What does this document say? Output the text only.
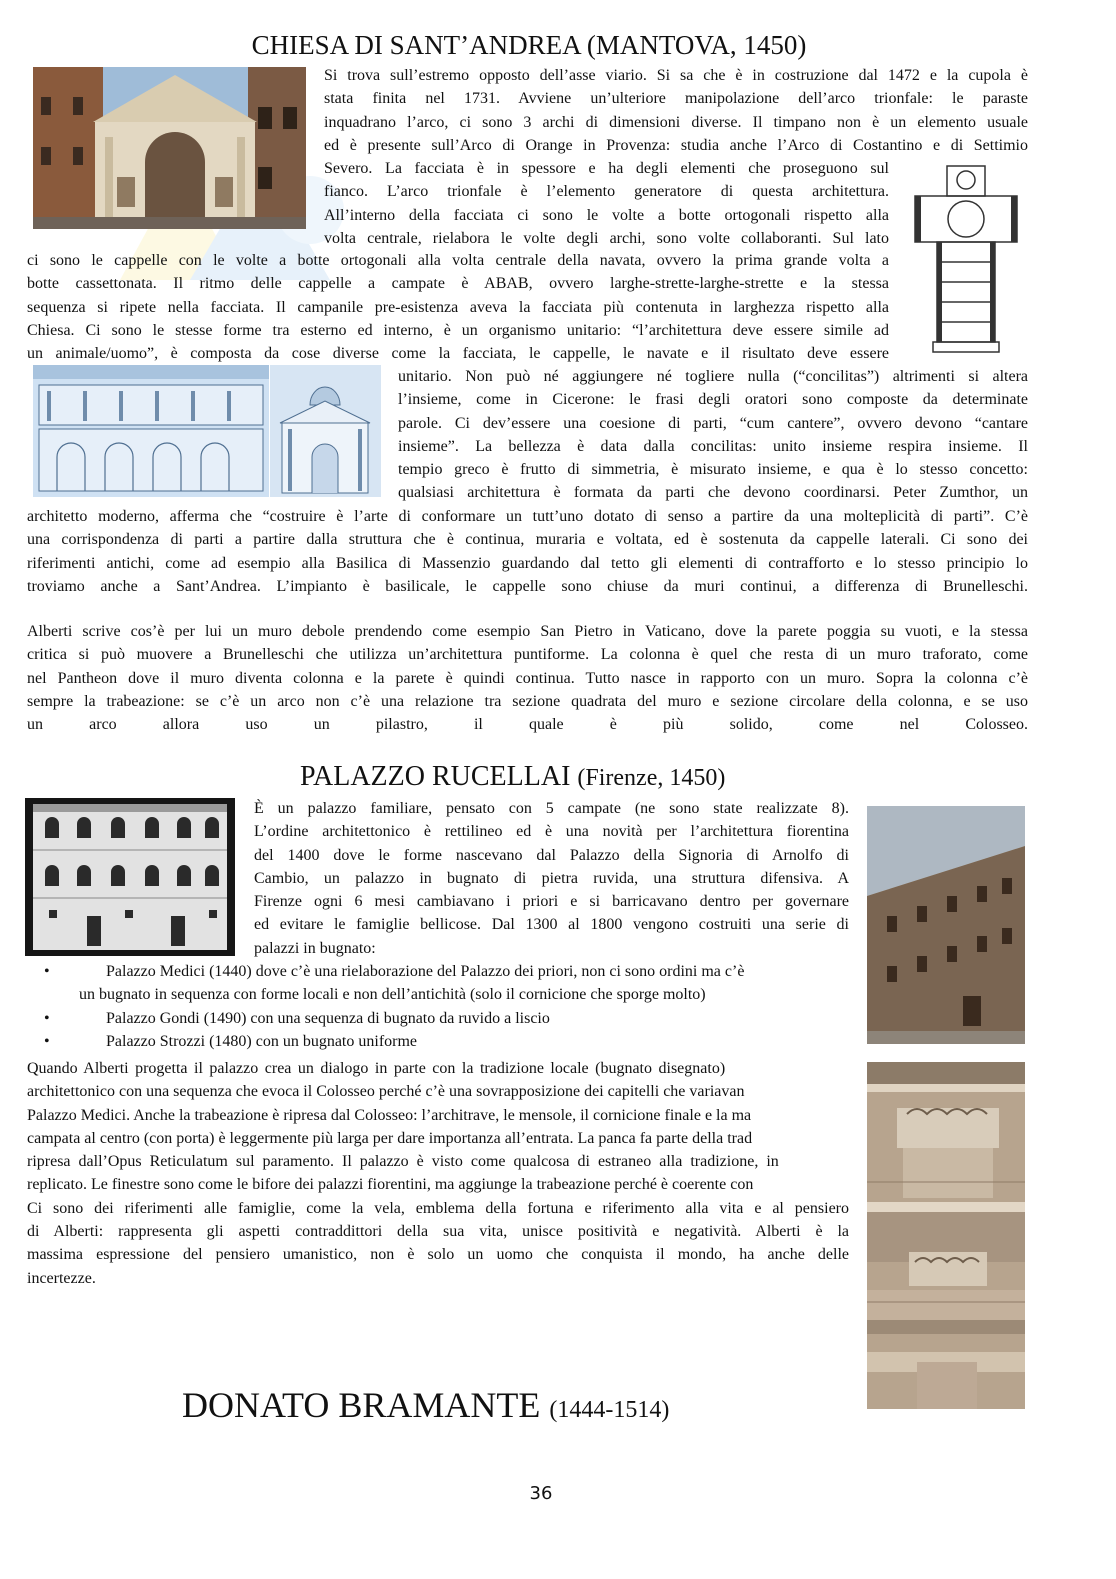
CHIESA DI SANT’ANDREA (MANTOVA, 1450)

Si trova sull’estremo opposto dell’asse viario. Si sa che è in costruzione dal 1472 e la cupola è

stata finita nel 1731. Avviene un’ulteriore manipolazione dell’arco trionfale: le paraste

inquadrano l’arco, ci sono 3 archi di dimensioni diverse. Il timpano non è un elemento usuale

ed è presente sull’Arco di Orange in Provenza: studia anche l’Arco di Costantino e di Settimio

Severo. La facciata è in spessore e ha degli elementi che proseguono sul

fianco. L’arco trionfale è l’elemento generatore di questa architettura.

All’interno della facciata ci sono le volte a botte ortogonali rispetto alla

volta centrale, rielabora le volte degli archi, sono volte collaboranti. Sul lato

ci sono le cappelle con le volte a botte ortogonali alla volta centrale della navata, ovvero la prima grande volta a

botte cassettonata. Il ritmo delle cappelle a campate è ABAB, ovvero larghe-strette-larghe-strette e la stessa

sequenza si ripete nella facciata. Il campanile pre-esistenza aveva la facciata più contenuta in larghezza rispetto alla

Chiesa. Ci sono le stesse forme tra esterno ed interno, è un organismo unitario: “l’architettura deve essere simile ad

un animale/uomo”, è composta da cose diverse come la facciata, le cappelle, le navate e il risultato deve essere

unitario. Non può né aggiungere né togliere nulla (“concilitas”) altrimenti si altera

l’insieme, come in Cicerone: le frasi degli oratori sono composte da determinate

parole. Ci dev’essere una coesione di parti, “cum cantere”, ovvero devono “cantare

insieme”. La bellezza è data dalla concilitas: unito insieme respira insieme. Il

tempio greco è frutto di simmetria, è misurato insieme, e qua è lo stesso concetto:

qualsiasi architettura è formata da parti che devono coordinarsi. Peter Zumthor, un

architetto moderno, afferma che “costruire è l’arte di conformare un tutt’uno dotato di senso a partire da una molteplicità di parti”. C’è

una corrispondenza di parti a partire dalla struttura che è continua, muraria e voltata, ed è sostenuta da cappelle laterali. Ci sono dei

riferimenti antichi, come ad esempio alla Basilica di Massenzio guardando dal tetto gli elementi di contrafforto e lo stesso principio lo

troviamo anche a Sant’Andrea. L’impianto è basilicale, le cappelle sono chiuse da muri continui, a differenza di Brunelleschi.

Alberti scrive cos’è per lui un muro debole prendendo come esempio San Pietro in Vaticano, dove la parete poggia su vuoti, e la stessa

critica si può muovere a Brunelleschi che utilizza un’architettura puntiforme. La colonna è quel che resta di un muro traforato, come

nel Pantheon dove il muro diventa colonna e la parete è quindi continua. Tutto nasce in rapporto con un muro. Sopra la colonna c’è

sempre la trabeazione: se c’è un arco non c’è una relazione tra sezione quadrata del muro e sezione circolare della colonna, e se uso

un arco allora uso un pilastro, il quale è più solido, come nel Colosseo.

PALAZZO RUCELLAI (Firenze, 1450)

È un palazzo familiare, pensato con 5 campate (ne sono state realizzate 8).

L’ordine architettonico è rettilineo ed è una novità per l’architettura fiorentina

del 1400 dove le forme nascevano dal Palazzo della Signoria di Arnolfo di

Cambio, un palazzo in bugnato di pietra ruvida, una struttura difensiva. A

Firenze ogni 6 mesi cambiavano i priori e si barricavano dentro per governare

ed evitare le famiglie bellicose. Dal 1300 al 1800 vengono costruiti una serie di

palazzi in bugnato:

•	Palazzo Medici (1440) dove c’è una rielaborazione del Palazzo dei priori, non ci sono ordini ma c’è
un bugnato in sequenza con forme locali e non dell’antichità (solo il cornicione che sporge molto)
•	Palazzo Gondi (1490) con una sequenza di bugnato da ruvido a liscio
•	Palazzo Strozzi (1480) con un bugnato uniforme

Quando Alberti progetta il palazzo crea un dialogo in parte con la tradizione locale (bugnato disegnato)

architettonico con una sequenza che evoca il Colosseo perché c’è una sovrapposizione dei capitelli che variavan

Palazzo Medici. Anche la trabeazione è ripresa dal Colosseo: l’architrave, le mensole, il cornicione finale e la ma

campata al centro (con porta) è leggermente più larga per dare importanza all’entrata. La panca fa parte della trad

ripresa dall’Opus Reticulatum sul paramento. Il palazzo è visto come qualcosa di estraneo alla tradizione, in

replicato. Le finestre sono come le bifore dei palazzi fiorentini, ma aggiunge la trabeazione perché è coerente con

Ci sono dei riferimenti alle famiglie, come la vela, emblema della fortuna e riferimento alla vita e al pensiero

di Alberti: rappresenta gli aspetti contraddittori della sua vita, unisce positività e negatività. Alberti è la

massima espressione del pensiero umanistico, non è solo un uomo che conquista il mondo, ha anche delle

incertezze.

DONATO BRAMANTE (1444-1514)
36
